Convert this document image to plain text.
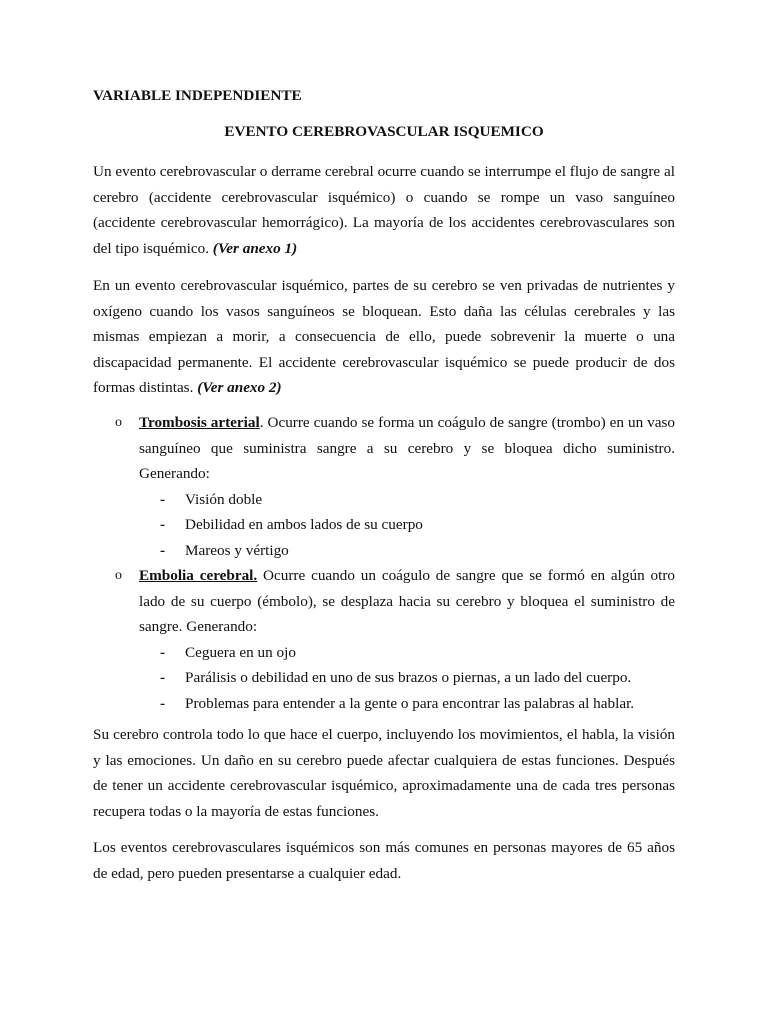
VARIABLE INDEPENDIENTE

EVENTO CEREBROVASCULAR ISQUEMICO

Un evento cerebrovascular o derrame cerebral ocurre cuando se interrumpe el flujo de sangre al cerebro (accidente cerebrovascular isquémico) o cuando se rompe un vaso sanguíneo (accidente cerebrovascular hemorrágico). La mayoría de los accidentes cerebrovasculares son del tipo isquémico. (Ver anexo 1)

En un evento cerebrovascular isquémico, partes de su cerebro se ven privadas de nutrientes y oxígeno cuando los vasos sanguíneos se bloquean. Esto daña las células cerebrales y las mismas empiezan a morir, a consecuencia de ello, puede sobrevenir la muerte o una discapacidad permanente. El accidente cerebrovascular isquémico se puede producir de dos formas distintas. (Ver anexo 2)

o Trombosis arterial. Ocurre cuando se forma un coágulo de sangre (trombo) en un vaso sanguíneo que suministra sangre a su cerebro y se bloquea dicho suministro. Generando:
- Visión doble
- Debilidad en ambos lados de su cuerpo
- Mareos y vértigo
o Embolia cerebral. Ocurre cuando un coágulo de sangre que se formó en algún otro lado de su cuerpo (émbolo), se desplaza hacia su cerebro y bloquea el suministro de sangre. Generando:
- Ceguera en un ojo
- Parálisis o debilidad en uno de sus brazos o piernas, a un lado del cuerpo.
- Problemas para entender a la gente o para encontrar las palabras al hablar.

Su cerebro controla todo lo que hace el cuerpo, incluyendo los movimientos, el habla, la visión y las emociones. Un daño en su cerebro puede afectar cualquiera de estas funciones. Después de tener un accidente cerebrovascular isquémico, aproximadamente una de cada tres personas recupera todas o la mayoría de estas funciones.

Los eventos cerebrovasculares isquémicos son más comunes en personas mayores de 65 años de edad, pero pueden presentarse a cualquier edad.
